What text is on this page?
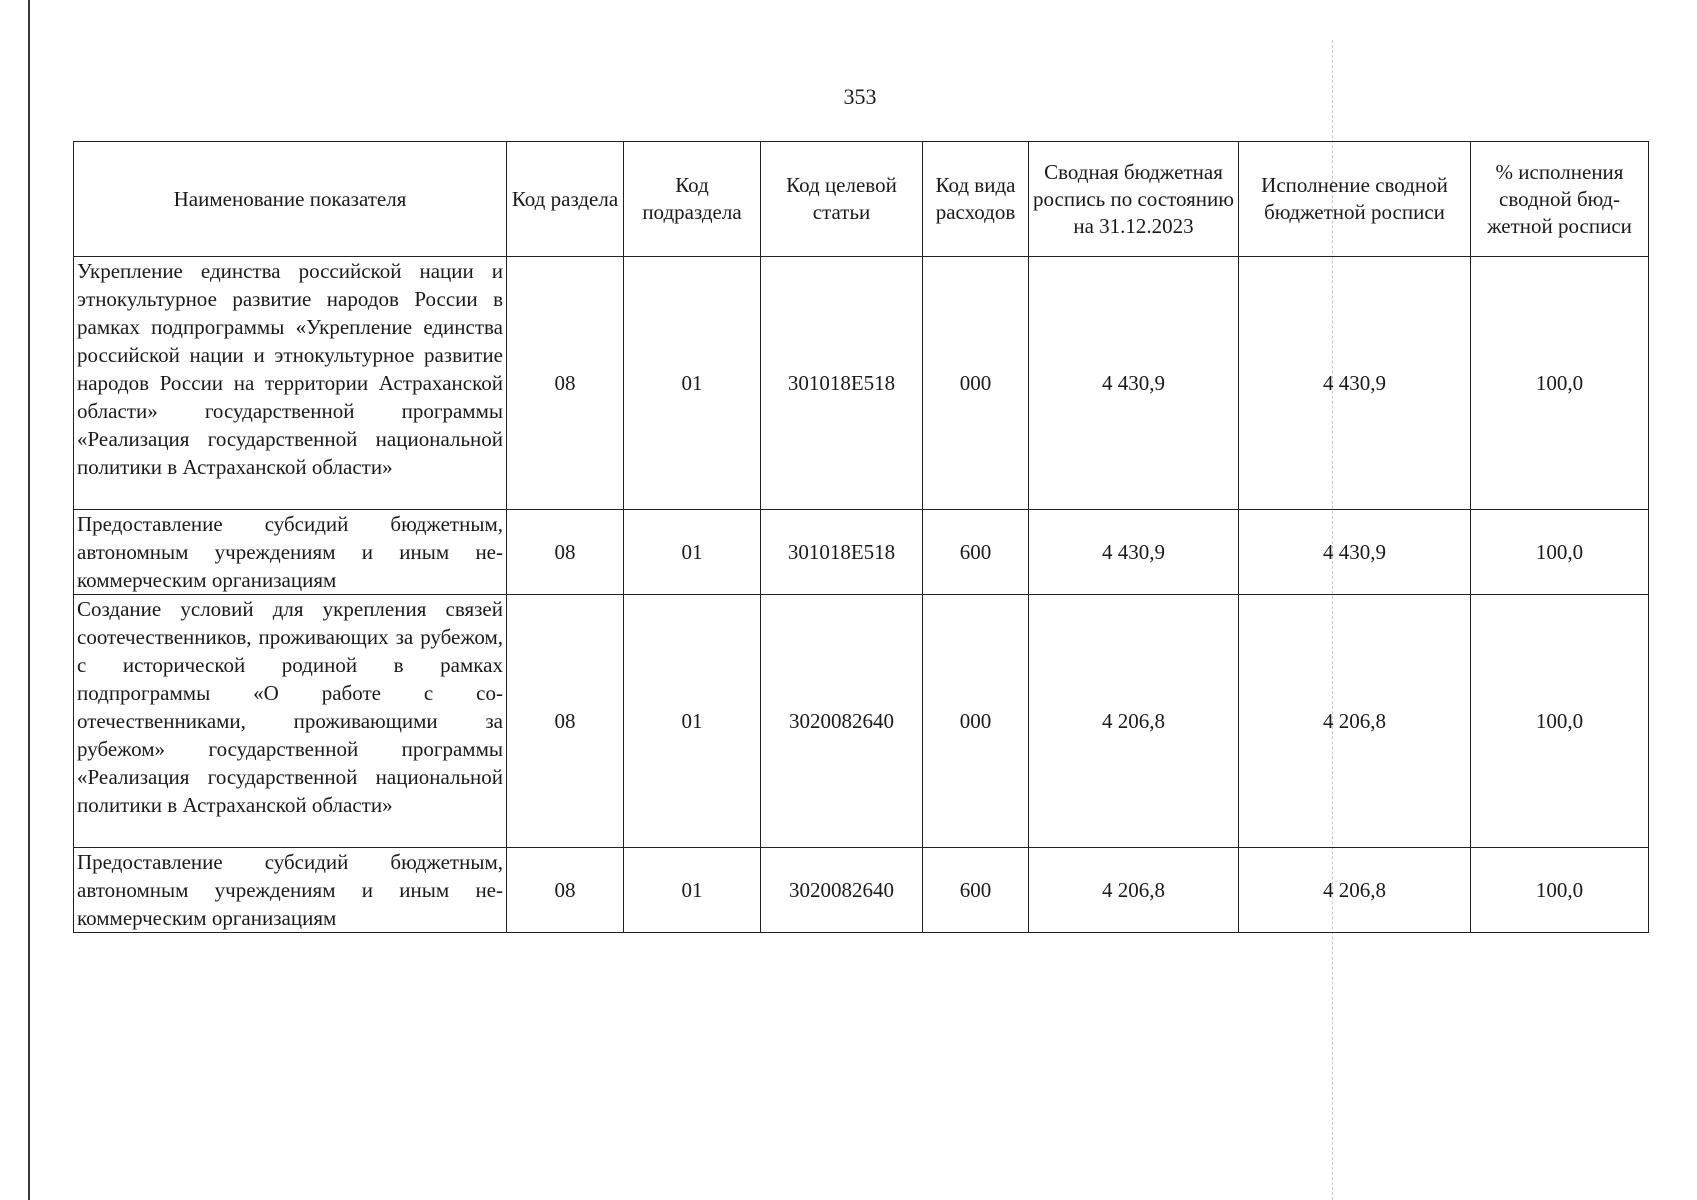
353
Наименование показателя	Код раздела	Код подраздела	Код целевой статьи	Код вида расходов	Сводная бюджетная роспись по состоянию на 31.12.2023	Исполнение сводной бюджетной росписи	% исполнения сводной бюджетной росписи
Укрепление единства российской нации и этнокультурное развитие народов России в рамках подпрограммы «Укрепление единства российской нации и этнокультурное развитие народов России на территории Астраханской области» государственной программы «Реализация государственной национальной политики в Астраханской области»	08	01	301018E518	000	4 430,9	4 430,9	100,0
Предоставление субсидий бюджетным, автономным учреждениям и иным некоммерческим организациям	08	01	301018E518	600	4 430,9	4 430,9	100,0
Создание условий для укрепления связей соотечественников, проживающих за рубежом, с исторической родиной в рамках подпрограммы «О работе с соотечественниками, проживающими за рубежом» государственной программы «Реализация государственной национальной политики в Астраханской области»	08	01	3020082640	000	4 206,8	4 206,8	100,0
Предоставление субсидий бюджетным, автономным учреждениям и иным некоммерческим организациям	08	01	3020082640	600	4 206,8	4 206,8	100,0
